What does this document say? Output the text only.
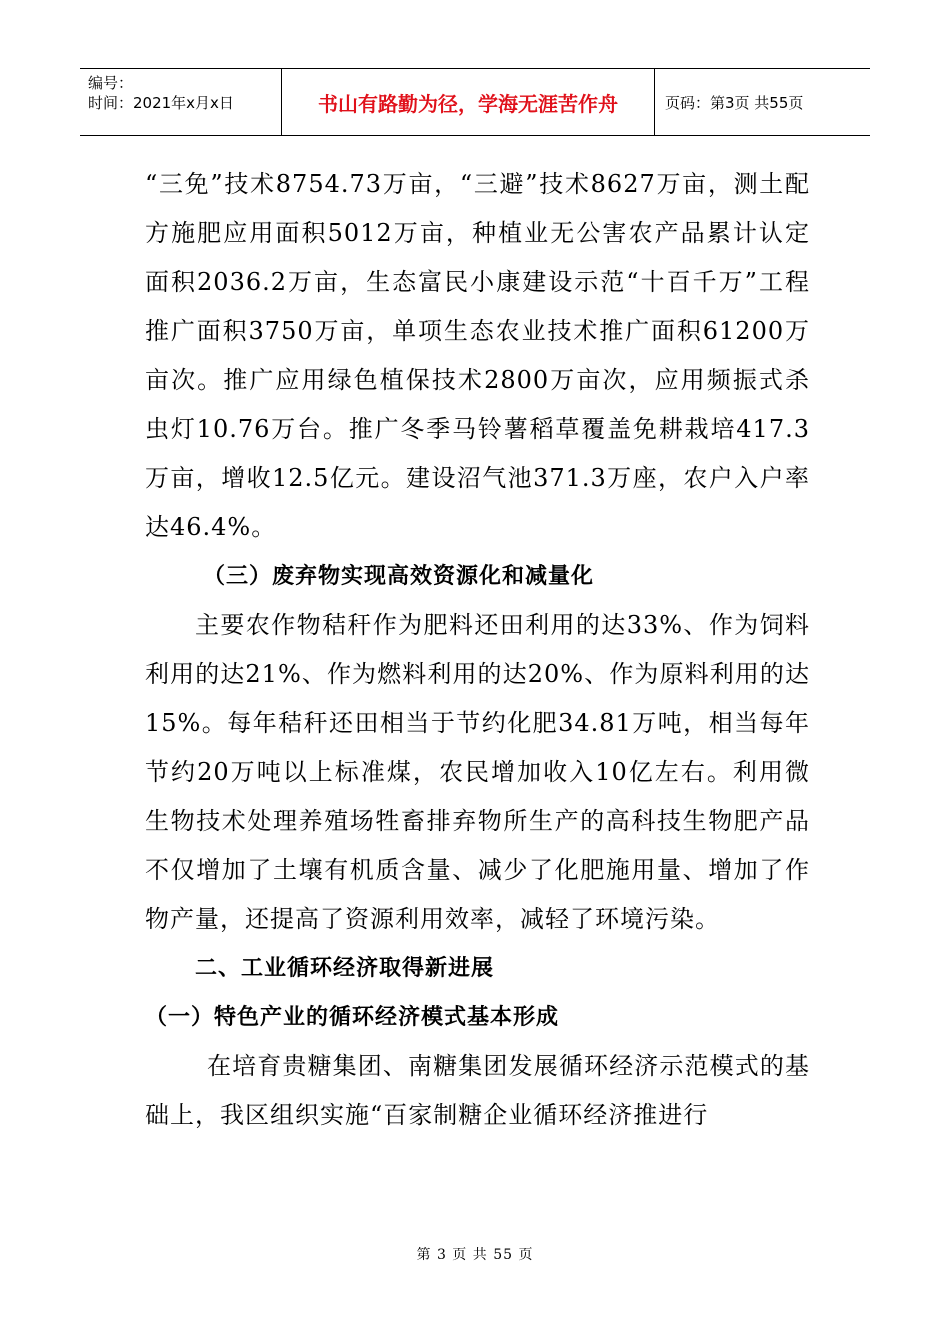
编号：
时间：2021年x月x日	书山有路勤为径，学海无涯苦作舟	页码：第3页 共55页

“三免”技术8754.73万亩，“三避”技术8627万亩，测土配方施肥应用面积5012万亩，种植业无公害农产品累计认定面积2036.2万亩，生态富民小康建设示范“十百千万”工程推广面积3750万亩，单项生态农业技术推广面积61200万亩次。推广应用绿色植保技术2800万亩次，应用频振式杀虫灯10.76万台。推广冬季马铃薯稻草覆盖免耕栽培417.3万亩，增收12.5亿元。建设沼气池371.3万座，农户入户率达46.4%。

（三）废弃物实现高效资源化和减量化

主要农作物秸秆作为肥料还田利用的达33%、作为饲料利用的达21%、作为燃料利用的达20%、作为原料利用的达15%。每年秸秆还田相当于节约化肥34.81万吨，相当每年节约20万吨以上标准煤，农民增加收入10亿左右。利用微生物技术处理养殖场牲畜排弃物所生产的高科技生物肥产品不仅增加了土壤有机质含量、减少了化肥施用量、增加了作物产量，还提高了资源利用效率，减轻了环境污染。

二、工业循环经济取得新进展

（一）特色产业的循环经济模式基本形成

在培育贵糖集团、南糖集团发展循环经济示范模式的基础上，我区组织实施“百家制糖企业循环经济推进行

第 3 页 共 55 页
